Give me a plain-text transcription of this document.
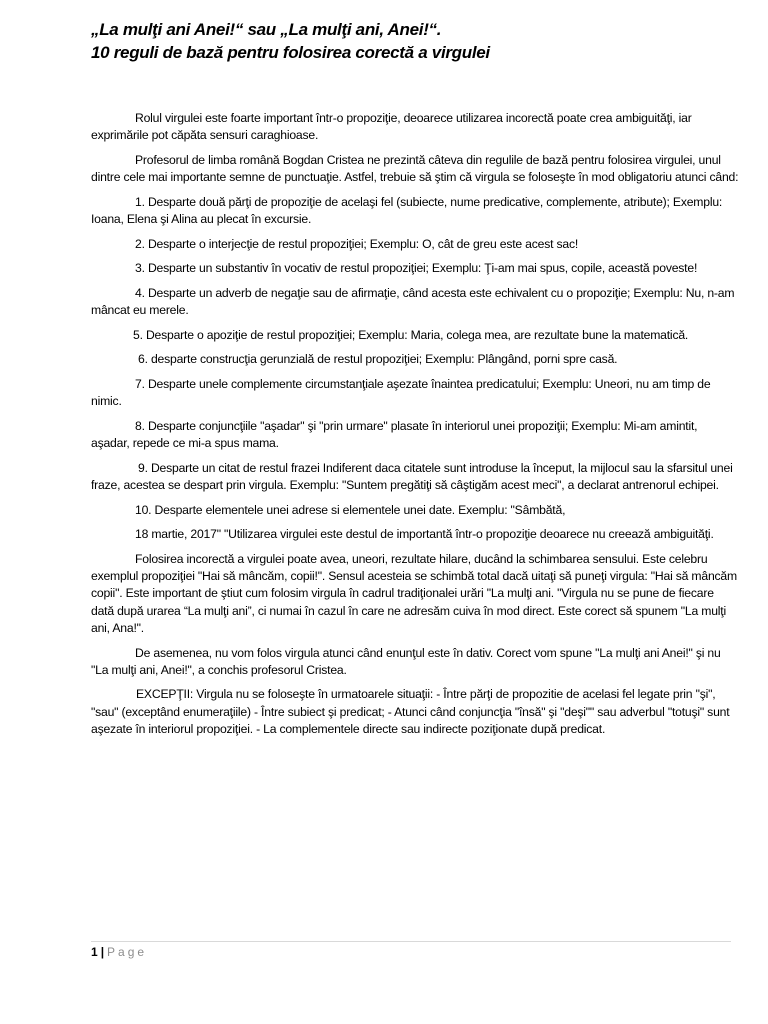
„La mulţi ani Anei!“ sau „La mulţi ani, Anei!“.
10 reguli de bază pentru folosirea corectă a virgulei

Rolul virgulei este foarte important într-o propoziţie, deoarece utilizarea incorectă poate crea ambiguităţi, iar exprimările pot căpăta sensuri caraghioase.

Profesorul de limba română Bogdan Cristea ne prezintă câteva din regulile de bază pentru folosirea virgulei, unul dintre cele mai importante semne de punctuaţie. Astfel, trebuie să ştim că virgula se foloseşte în mod obligatoriu atunci când:

1. Desparte două părţi de propoziţie de acelaşi fel (subiecte, nume predicative, complemente, atribute); Exemplu: Ioana, Elena şi Alina au plecat în excursie.

2. Desparte o interjecţie de restul propoziţiei; Exemplu: O, cât de greu este acest sac!

3. Desparte un substantiv în vocativ de restul propoziţiei; Exemplu: Ţi-am mai spus, copile, această poveste!

4. Desparte un adverb de negaţie sau de afirmaţie, când acesta este echivalent cu o propoziţie; Exemplu: Nu, n-am mâncat eu merele.

5. Desparte o apoziţie de restul propoziţiei; Exemplu: Maria, colega mea, are rezultate bune la matematică.

6. desparte construcţia gerunzială de restul propoziţiei; Exemplu: Plângând, porni spre casă.

7. Desparte unele complemente circumstanţiale aşezate înaintea predicatului; Exemplu: Uneori, nu am timp de nimic.

8. Desparte conjuncţiile "aşadar" şi "prin urmare" plasate în interiorul unei propoziţii; Exemplu: Mi-am amintit, aşadar, repede ce mi-a spus mama.

9. Desparte un citat de restul frazei Indiferent daca citatele sunt introduse la început, la mijlocul sau la sfarsitul unei fraze, acestea se despart prin virgula. Exemplu: "Suntem pregătiţi să câştigăm acest meci", a declarat antrenorul echipei.

10. Desparte elementele unei adrese si elementele unei date. Exemplu: "Sâmbătă,

18 martie, 2017" "Utilizarea virgulei este destul de importantă într-o propoziţie deoarece nu creează ambiguităţi.

Folosirea incorectă a virgulei poate avea, uneori, rezultate hilare, ducând la schimbarea sensului. Este celebru exemplul propoziţiei "Hai să mâncăm, copii!". Sensul acesteia se schimbă total dacă uitaţi să puneţi virgula: "Hai să mâncăm copii". Este important de ştiut cum folosim virgula în cadrul tradiţionalei urări "La mulţi ani. "Virgula nu se pune de fiecare dată după urarea “La mulţi ani”, ci numai în cazul în care ne adresăm cuiva în mod direct. Este corect să spunem "La mulţi ani, Ana!".

De asemenea, nu vom folos virgula atunci când enunţul este în dativ. Corect vom spune "La mulţi ani Anei!" şi nu "La mulţi ani, Anei!", a conchis profesorul Cristea.

EXCEPŢII: Virgula nu se foloseşte în urmatoarele situaţii: - Între părţi de propozitie de acelasi fel legate prin "şi", "sau" (exceptând enumeraţiile) - Între subiect şi predicat; - Atunci când conjuncţia "însă" şi "deşi"" sau adverbul "totuşi" sunt aşezate în interiorul propoziţiei. - La complementele directe sau indirecte poziţionate după predicat.

1 | Page
